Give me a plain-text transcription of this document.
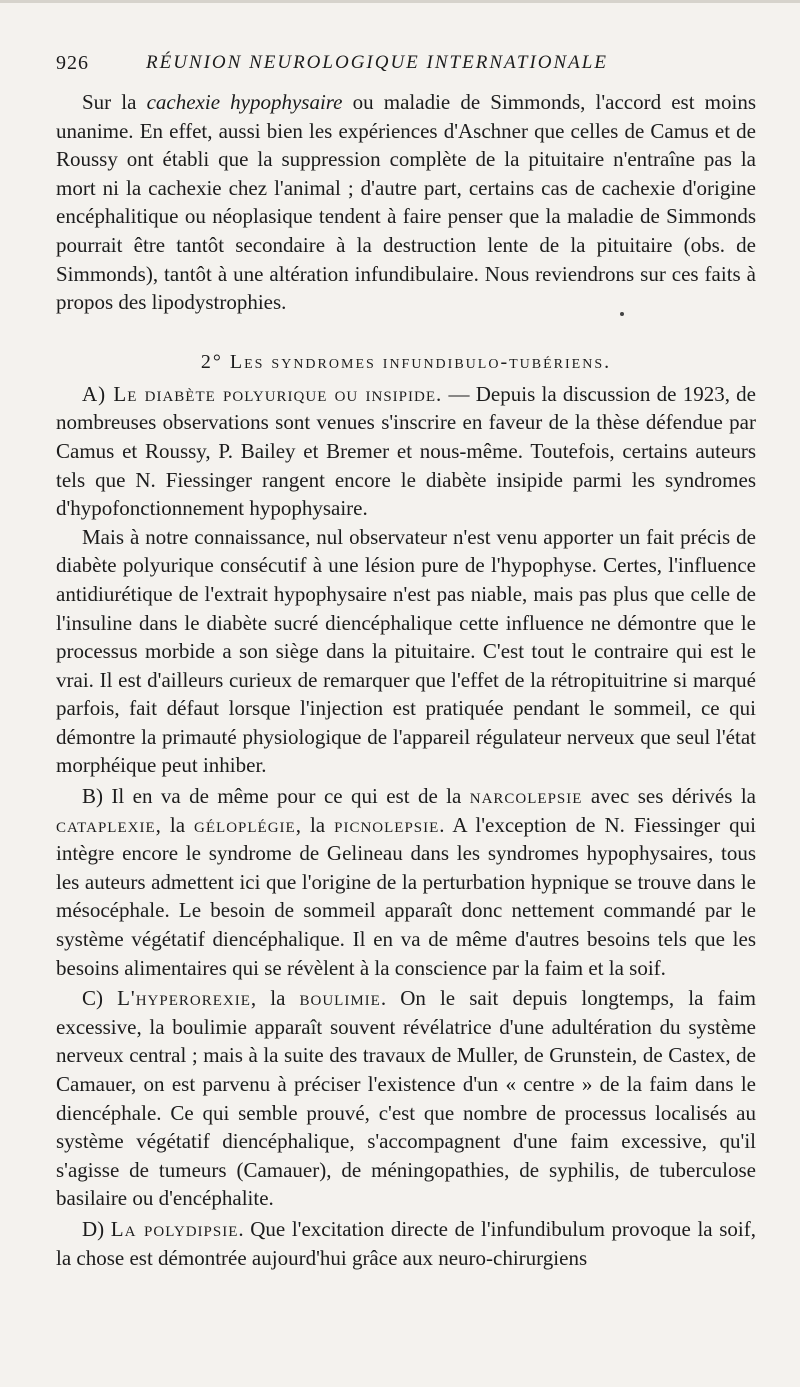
926	RÉUNION NEUROLOGIQUE INTERNATIONALE

Sur la cachexie hypophysaire ou maladie de Simmonds, l'accord est moins unanime. En effet, aussi bien les expériences d'Aschner que celles de Camus et de Roussy ont établi que la suppression complète de la pituitaire n'entraîne pas la mort ni la cachexie chez l'animal ; d'autre part, certains cas de cachexie d'origine encéphalitique ou néoplasique tendent à faire penser que la maladie de Simmonds pourrait être tantôt secondaire à la destruction lente de la pituitaire (obs. de Simmonds), tantôt à une altération infundibulaire. Nous reviendrons sur ces faits à propos des lipodystrophies.

2° Les syndromes infundibulo-tubériens.

A) Le diabète polyurique ou insipide. — Depuis la discussion de 1923, de nombreuses observations sont venues s'inscrire en faveur de la thèse défendue par Camus et Roussy, P. Bailey et Bremer et nous-même. Toutefois, certains auteurs tels que N. Fiessinger rangent encore le diabète insipide parmi les syndromes d'hypofonctionnement hypophysaire.

Mais à notre connaissance, nul observateur n'est venu apporter un fait précis de diabète polyurique consécutif à une lésion pure de l'hypophyse. Certes, l'influence antidiurétique de l'extrait hypophysaire n'est pas niable, mais pas plus que celle de l'insuline dans le diabète sucré diencéphalique cette influence ne démontre que le processus morbide a son siège dans la pituitaire. C'est tout le contraire qui est le vrai. Il est d'ailleurs curieux de remarquer que l'effet de la rétropituitrine si marqué parfois, fait défaut lorsque l'injection est pratiquée pendant le sommeil, ce qui démontre la primauté physiologique de l'appareil régulateur nerveux que seul l'état morphéique peut inhiber.

B) Il en va de même pour ce qui est de la narcolepsie avec ses dérivés la cataplexie, la géloplégie, la picnolepsie. A l'exception de N. Fiessinger qui intègre encore le syndrome de Gelineau dans les syndromes hypophysaires, tous les auteurs admettent ici que l'origine de la perturbation hypnique se trouve dans le mésocéphale. Le besoin de sommeil apparaît donc nettement commandé par le système végétatif diencéphalique. Il en va de même d'autres besoins tels que les besoins alimentaires qui se révèlent à la conscience par la faim et la soif.

C) L'hyperorexie, la boulimie. On le sait depuis longtemps, la faim excessive, la boulimie apparaît souvent révélatrice d'une adultération du système nerveux central ; mais à la suite des travaux de Muller, de Grunstein, de Castex, de Camauer, on est parvenu à préciser l'existence d'un « centre » de la faim dans le diencéphale. Ce qui semble prouvé, c'est que nombre de processus localisés au système végétatif diencéphalique, s'accompagnent d'une faim excessive, qu'il s'agisse de tumeurs (Camauer), de méningopathies, de syphilis, de tuberculose basilaire ou d'encéphalite.

D) La polydipsie. Que l'excitation directe de l'infundibulum provoque la soif, la chose est démontrée aujourd'hui grâce aux neuro-chirurgiens
